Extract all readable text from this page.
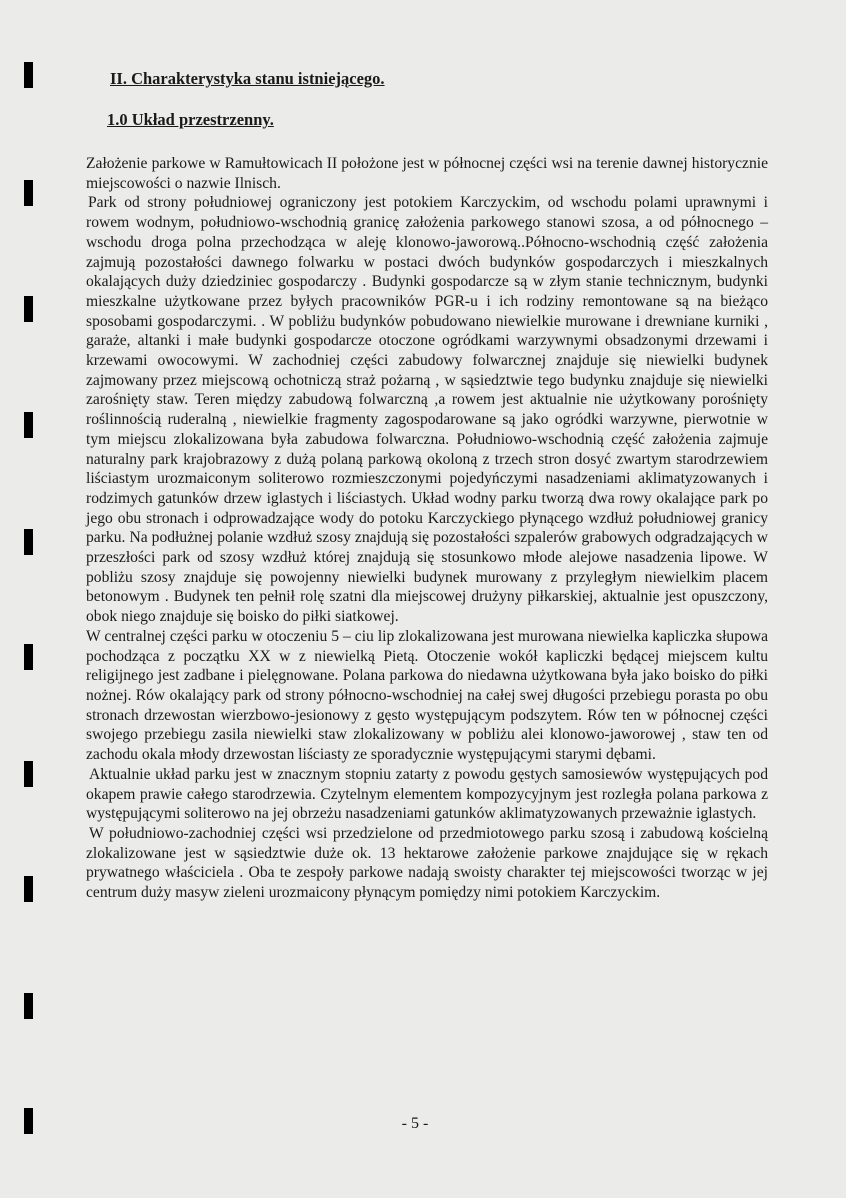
II. Charakterystyka stanu istniejącego.
1.0 Układ przestrzenny.

Założenie parkowe w Ramułtowicach II położone jest w północnej części wsi na terenie dawnej historycznie miejscowości o nazwie Ilnisch.

Park od strony południowej ograniczony jest potokiem Karczyckim, od wschodu polami uprawnymi i rowem wodnym, południowo-wschodnią granicę założenia parkowego stanowi szosa, a od północnego – wschodu droga polna przechodząca w aleję klonowo-jaworową..Północno-wschodnią część założenia zajmują pozostałości dawnego folwarku w postaci dwóch budynków gospodarczych i mieszkalnych okalających duży dziedziniec gospodarczy . Budynki gospodarcze są w złym stanie technicznym, budynki mieszkalne użytkowane przez byłych pracowników PGR-u i ich rodziny remontowane są na bieżąco sposobami gospodarczymi. . W pobliżu budynków pobudowano niewielkie murowane i drewniane kurniki , garaże, altanki i małe budynki gospodarcze otoczone ogródkami warzywnymi obsadzonymi drzewami i krzewami owocowymi. W zachodniej części zabudowy folwarcznej znajduje się niewielki budynek zajmowany przez miejscową ochotniczą straż pożarną , w sąsiedztwie tego budynku znajduje się niewielki zarośnięty staw. Teren między zabudową folwarczną ,a rowem jest aktualnie nie użytkowany porośnięty roślinnością ruderalną , niewielkie fragmenty zagospodarowane są jako ogródki warzywne, pierwotnie w tym miejscu zlokalizowana była zabudowa folwarczna. Południowo-wschodnią część założenia zajmuje naturalny park krajobrazowy z dużą polaną parkową okoloną z trzech stron dosyć zwartym starodrzewiem liściastym urozmaiconym soliterowo rozmieszczonymi pojedyńczymi nasadzeniami aklimatyzowanych i rodzimych gatunków drzew iglastych i liściastych. Układ wodny parku tworzą dwa rowy okalające park po jego obu stronach i odprowadzające wody do potoku Karczyckiego płynącego wzdłuż południowej granicy parku. Na podłużnej polanie wzdłuż szosy znajdują się pozostałości szpalerów grabowych odgradzających w przeszłości park od szosy wzdłuż której znajdują się stosunkowo młode alejowe nasadzenia lipowe. W pobliżu szosy znajduje się powojenny niewielki budynek murowany z przyległym niewielkim placem betonowym . Budynek ten pełnił rolę szatni dla miejscowej drużyny piłkarskiej, aktualnie jest opuszczony, obok niego znajduje się boisko do piłki siatkowej.

W centralnej części parku w otoczeniu 5 – ciu lip zlokalizowana jest murowana niewielka kapliczka słupowa pochodząca z początku XX w z niewielką Pietą. Otoczenie wokół kapliczki będącej miejscem kultu religijnego jest zadbane i pielęgnowane. Polana parkowa do niedawna użytkowana była jako boisko do piłki nożnej. Rów okalający park od strony północno-wschodniej na całej swej długości przebiegu porasta po obu stronach drzewostan wierzbowo-jesionowy z gęsto występującym podszytem. Rów ten w północnej części swojego przebiegu zasila niewielki staw zlokalizowany w pobliżu alei klonowo-jaworowej , staw ten od zachodu okala młody drzewostan liściasty ze sporadycznie występującymi starymi dębami.

Aktualnie układ parku jest w znacznym stopniu zatarty z powodu gęstych samosiewów występujących pod okapem prawie całego starodrzewia. Czytelnym elementem kompozycyjnym jest rozległa polana parkowa z występującymi soliterowo na jej obrzeżu nasadzeniami gatunków aklimatyzowanych przeważnie iglastych.

W południowo-zachodniej części wsi przedzielone od przedmiotowego parku szosą i zabudową kościelną zlokalizowane jest w sąsiedztwie duże ok. 13 hektarowe założenie parkowe znajdujące się w rękach prywatnego właściciela . Oba te zespoły parkowe nadają swoisty charakter tej miejscowości tworząc w jej centrum duży masyw zieleni urozmaicony płynącym pomiędzy nimi potokiem Karczyckim.

- 5 -
